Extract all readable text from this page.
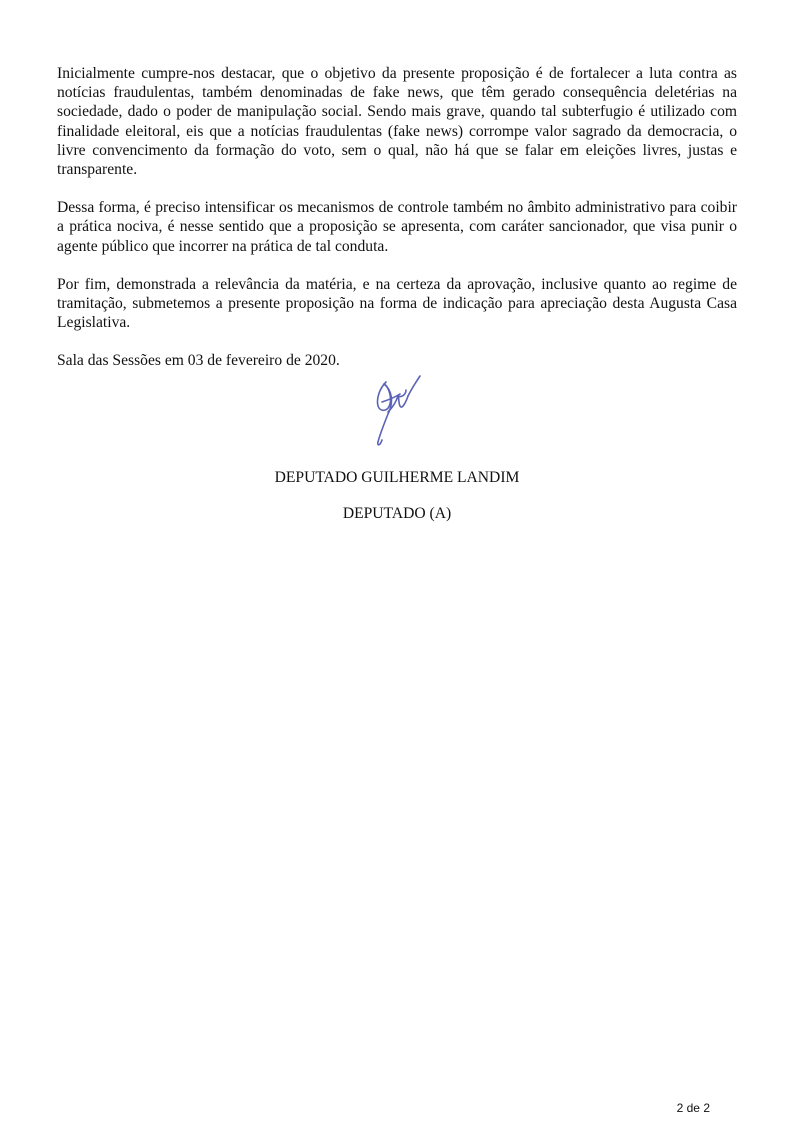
Inicialmente cumpre-nos destacar, que o objetivo da presente proposição é de fortalecer a luta contra as notícias fraudulentas, também denominadas de fake news, que têm gerado consequência deletérias na sociedade, dado o poder de manipulação social. Sendo mais grave, quando tal subterfugio é utilizado com finalidade eleitoral, eis que a notícias fraudulentas (fake news) corrompe valor sagrado da democracia, o livre convencimento da formação do voto, sem o qual, não há que se falar em eleições livres, justas e transparente.

Dessa forma, é preciso intensificar os mecanismos de controle também no âmbito administrativo para coibir a prática nociva, é nesse sentido que a proposição se apresenta, com caráter sancionador, que visa punir o agente público que incorrer na prática de tal conduta.

Por fim, demonstrada a relevância da matéria, e na certeza da aprovação, inclusive quanto ao regime de tramitação, submetemos a presente proposição na forma de indicação para apreciação desta Augusta Casa Legislativa.

Sala das Sessões em 03 de fevereiro de 2020.

DEPUTADO GUILHERME LANDIM
DEPUTADO (A)
2 de 2
